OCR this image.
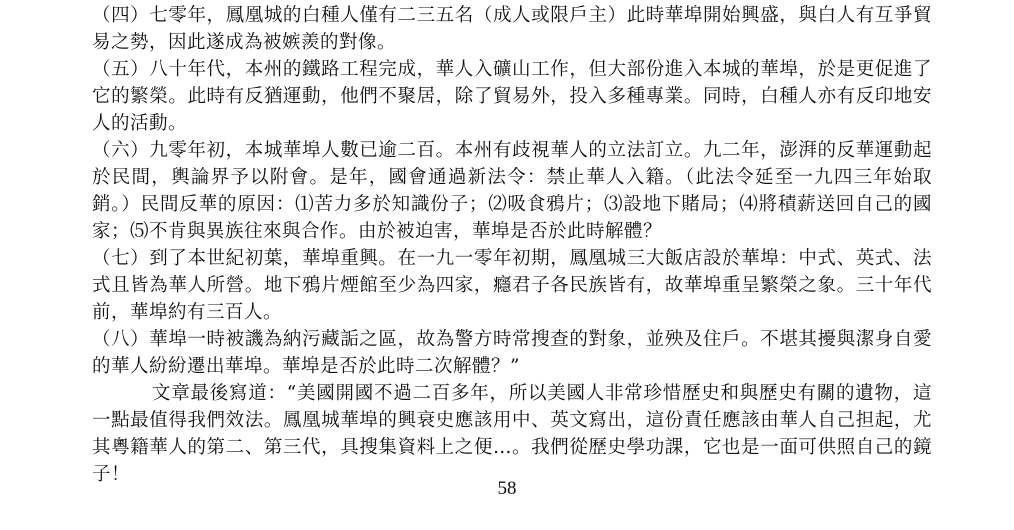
（四）七零年，鳳凰城的白種人僅有二三五名（成人或限戶主）此時華埠開始興盛，與白人有互爭貿易之勢，因此遂成為被嫉羨的對像。

（五）八十年代，本州的鐵路工程完成，華人入礦山工作，但大部份進入本城的華埠，於是更促進了它的繁榮。此時有反猶運動，他們不聚居，除了貿易外，投入多種專業。同時，白種人亦有反印地安人的活動。

（六）九零年初，本城華埠人數已逾二百。本州有歧視華人的立法訂立。九二年，澎湃的反華運動起於民間，輿論界予以附會。是年，國會通過新法令：禁止華人入籍。（此法令延至一九四三年始取銷。）民間反華的原因：⑴苦力多於知識份子；⑵吸食鴉片；⑶設地下賭局；⑷將積薪送回自己的國家；⑸不肯與異族往來與合作。由於被迫害，華埠是否於此時解體？

（七）到了本世紀初葉，華埠重興。在一九一零年初期，鳳凰城三大飯店設於華埠：中式、英式、法式且皆為華人所營。地下鴉片煙館至少為四家，癮君子各民族皆有，故華埠重呈繁榮之象。三十年代前，華埠約有三百人。

（八）華埠一時被譏為納污藏詬之區，故為警方時常搜查的對象，並殃及住戶。不堪其擾與潔身自愛的華人紛紛遷出華埠。華埠是否於此時二次解體？”

文章最後寫道：“美國開國不過二百多年，所以美國人非常珍惜歷史和與歷史有關的遺物，這一點最值得我們效法。鳳凰城華埠的興衰史應該用中、英文寫出，這份責任應該由華人自己担起，尤其粵籍華人的第二、第三代，具搜集資料上之便…。我們從歷史學功課，它也是一面可供照自己的鏡子！

58
